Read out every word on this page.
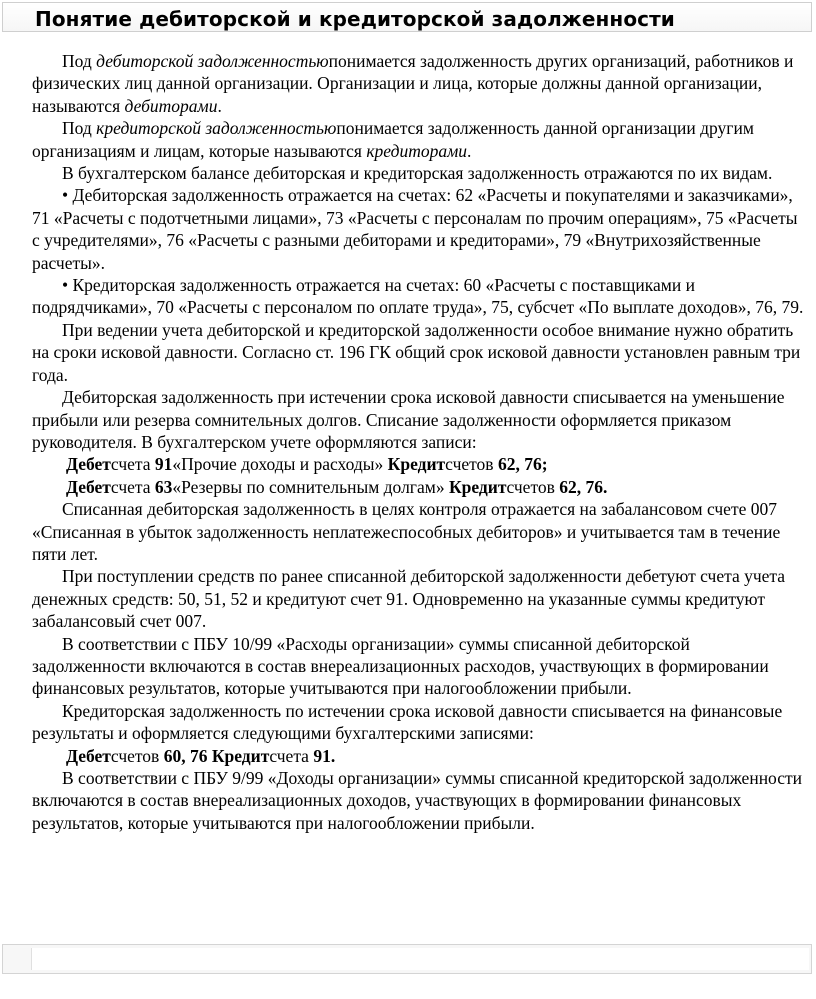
Понятие дебиторской и кредиторской задолженности

Под дебиторской задолженностьюпонимается задолженность других организаций, работников и физических лиц данной организации. Организации и лица, которые должны данной организации, называются дебиторами.

Под кредиторской задолженностьюпонимается задолженность данной организации другим организациям и лицам, которые называются кредиторами.

В бухгалтерском балансе дебиторская и кредиторская задолженность отражаются по их видам.

• Дебиторская задолженность отражается на счетах: 62 «Расчеты и покупателями и заказчиками», 71 «Расчеты с подотчетными лицами», 73 «Расчеты с персоналам по прочим операциям», 75 «Расчеты с учредителями», 76 «Расчеты с разными дебиторами и кредиторами», 79 «Внутрихозяйственные расчеты».

• Кредиторская задолженность отражается на счетах: 60 «Расчеты с поставщиками и подрядчиками», 70 «Расчеты с персоналом по оплате труда», 75, субсчет «По выплате доходов», 76, 79.

При ведении учета дебиторской и кредиторской задолженности особое внимание нужно обратить на сроки исковой давности. Согласно ст. 196 ГК общий срок исковой давности установлен равным три года.

Дебиторская задолженность при истечении срока исковой давности списывается на уменьшение прибыли или резерва сомнительных долгов. Списание задолженности оформляется приказом руководителя. В бухгалтерском учете оформляются записи:

Дебетсчета 91«Прочие доходы и расходы» Кредитсчетов 62, 76;

Дебетсчета 63«Резервы по сомнительным долгам» Кредитсчетов 62, 76.

Списанная дебиторская задолженность в целях контроля отражается на забалансовом счете 007 «Списанная в убыток задолженность неплатежеспособных дебиторов» и учитывается там в течение пяти лет.

При поступлении средств по ранее списанной дебиторской задолженности дебетуют счета учета денежных средств: 50, 51, 52 и кредитуют счет 91. Одновременно на указанные суммы кредитуют забалансовый счет 007.

В соответствии с ПБУ 10/99 «Расходы организации» суммы списанной дебиторской задолженности включаются в состав внереализационных расходов, участвующих в формировании финансовых результатов, которые учитываются при налогообложении прибыли.

Кредиторская задолженность по истечении срока исковой давности списывается на финансовые результаты и оформляется следующими бухгалтерскими записями:

Дебетсчетов 60, 76 Кредитсчета 91.

В соответствии с ПБУ 9/99 «Доходы организации» суммы списанной кредиторской задолженности включаются в состав внереализационных доходов, участвующих в формировании финансовых результатов, которые учитываются при налогообложении прибыли.
